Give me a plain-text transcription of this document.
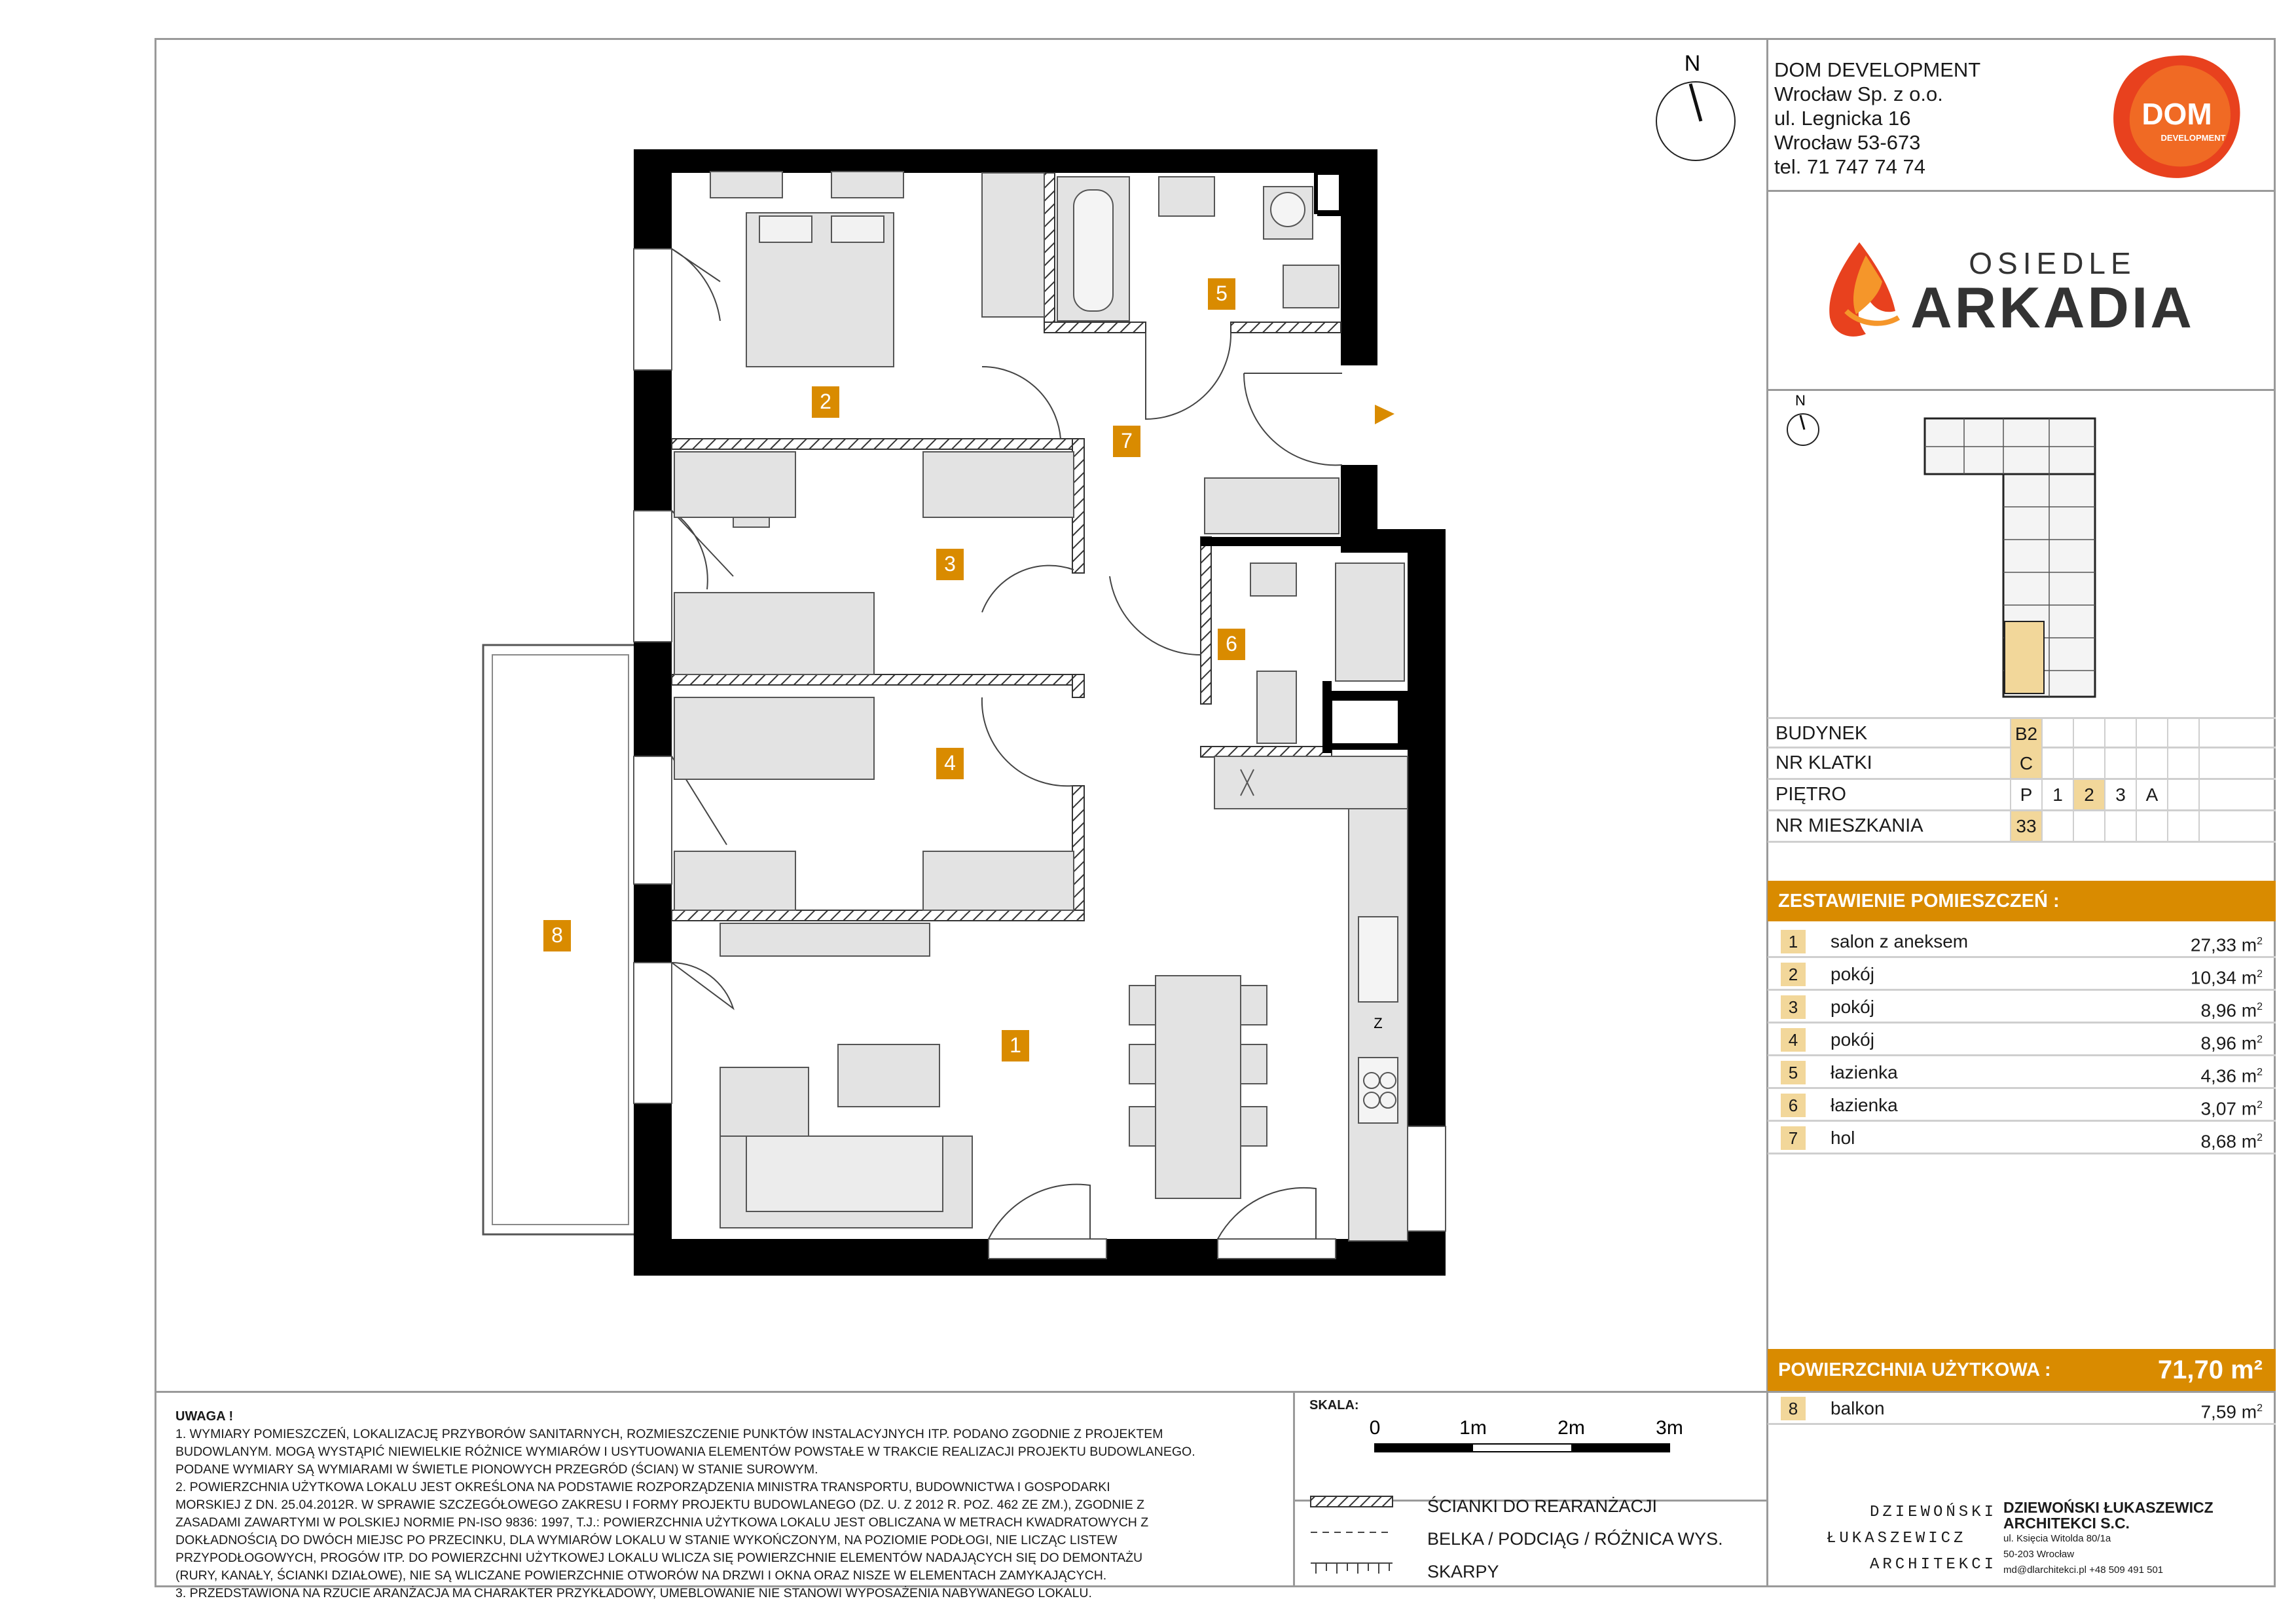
Z
1
2
3
4
5
6
7
8
N	DOM DEVELOPMENT
Wrocław Sp. z o.o.
ul. Legnicka 16
Wrocław 53-673
tel. 71 747 74 74
DOM
DEVELOPMENT
OSIEDLE
ARKADIA
N
BUDYNEK	B2
NR KLATKI	C
PIĘTRO	P	1	2	3	A
NR MIESZKANIA	33
ZESTAWIENIE POMIESZCZEŃ :
1	salon z aneksem	27,33 $m^2$
2	pokój	10,34 $m^2$
3	pokój	8,96 $m^2$
4	pokój	8,96 $m^2$
5	łazienka	4,36 $m^2$
6	łazienka	3,07 $m^2$
7	hol	8,68 $m^2$
POWIERZCHNIA UŻYTKOWA :	71,70 m²
8	balkon	7,59 $m^2$
DZIEWOŃSKI
ŁUKASZEWICZ
ARCHITEKCI
DZIEWOŃSKI ŁUKASZEWICZ
ARCHITEKCI S.C.
ul. Księcia Witolda 80/1a
50-203 Wrocław
md@dlarchitekci.pl +48 509 491 501
UWAGA !
1. WYMIARY POMIESZCZEŃ, LOKALIZACJĘ PRZYBORÓW SANITARNYCH, ROZMIESZCZENIE PUNKTÓW INSTALACYJNYCH ITP. PODANO ZGODNIE Z PROJEKTEM
BUDOWLANYM. MOGĄ WYSTĄPIĆ NIEWIELKIE RÓŻNICE WYMIARÓW I USYTUOWANIA ELEMENTÓW POWSTAŁE W TRAKCIE REALIZACJI PROJEKTU BUDOWLANEGO.
PODANE WYMIARY SĄ WYMIARAMI W ŚWIETLE PIONOWYCH PRZEGRÓD (ŚCIAN) W STANIE SUROWYM.
2. POWIERZCHNIA UŻYTKOWA LOKALU JEST OKREŚLONA NA PODSTAWIE ROZPORZĄDZENIA MINISTRA TRANSPORTU, BUDOWNICTWA I GOSPODARKI
MORSKIEJ Z DN. 25.04.2012R. W SPRAWIE SZCZEGÓŁOWEGO ZAKRESU I FORMY PROJEKTU BUDOWLANEGO (DZ. U. Z 2012 R. POZ. 462 ZE ZM.), ZGODNIE Z
ZASADAMI ZAWARTYMI W POLSKIEJ NORMIE PN-ISO 9836: 1997, T.J.: POWIERZCHNIA UŻYTKOWA LOKALU JEST OBLICZANA W METRACH KWADRATOWYCH Z
DOKŁADNOŚCIĄ DO DWÓCH MIEJSC PO PRZECINKU, DLA WYMIARÓW LOKALU W STANIE WYKOŃCZONYM, NA POZIOMIE PODŁOGI, NIE LICZĄC LISTEW
PRZYPODŁOGOWYCH, PROGÓW ITP. DO POWIERZCHNI UŻYTKOWEJ LOKALU WLICZA SIĘ POWIERZCHNIE ELEMENTÓW NADAJĄCYCH SIĘ DO DEMONTAŻU
(RURY, KANAŁY, ŚCIANKI DZIAŁOWE), NIE SĄ WLICZANE POWIERZCHNIE OTWORÓW NA DRZWI I OKNA ORAZ NISZE W ELEMENTACH ZAMYKAJĄCYCH.
3. PRZEDSTAWIONA NA RZUCIE ARANŻACJA MA CHARAKTER PRZYKŁADOWY, UMEBLOWANIE NIE STANOWI WYPOSAŻENIA NABYWANEGO LOKALU.
SKALA:
0	1m	2m	3m
ŚCIANKI DO REARANŻACJI
BELKA / PODCIĄG / RÓŻNICA WYS.
SKARPY
